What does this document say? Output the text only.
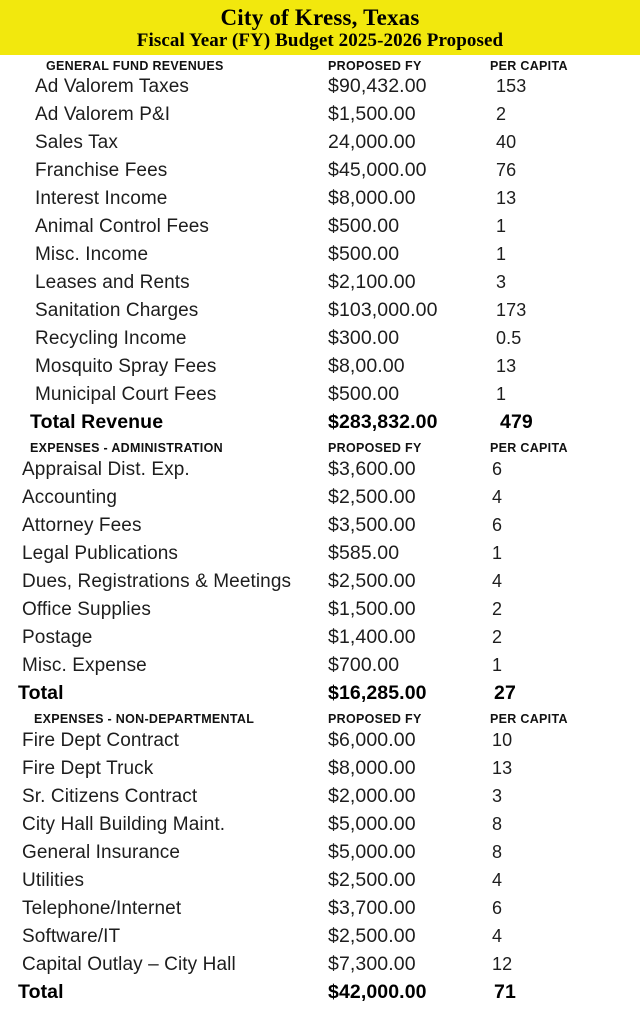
City of Kress, Texas
Fiscal Year (FY) Budget 2025-2026 Proposed
GENERAL FUND REVENUES	PROPOSED FY	PER CAPITA
Ad Valorem Taxes	$90,432.00	153
Ad Valorem P&I	$1,500.00	2
Sales Tax	24,000.00	40
Franchise Fees	$45,000.00	76
Interest Income	$8,000.00	13
Animal Control Fees	$500.00	1
Misc. Income	$500.00	1
Leases and Rents	$2,100.00	3
Sanitation Charges	$103,000.00	173
Recycling Income	$300.00	0.5
Mosquito Spray Fees	$8,00.00	13
Municipal Court Fees	$500.00	1
Total Revenue	$283,832.00	479
EXPENSES - ADMINISTRATION	PROPOSED FY	PER CAPITA
Appraisal Dist. Exp.	$3,600.00	6
Accounting	$2,500.00	4
Attorney Fees	$3,500.00	6
Legal Publications	$585.00	1
Dues, Registrations & Meetings	$2,500.00	4
Office Supplies	$1,500.00	2
Postage	$1,400.00	2
Misc. Expense	$700.00	1
Total	$16,285.00	27
EXPENSES - NON-DEPARTMENTAL	PROPOSED FY	PER CAPITA
Fire Dept Contract	$6,000.00	10
Fire Dept Truck	$8,000.00	13
Sr. Citizens Contract	$2,000.00	3
City Hall Building Maint.	$5,000.00	8
General Insurance	$5,000.00	8
Utilities	$2,500.00	4
Telephone/Internet	$3,700.00	6
Software/IT	$2,500.00	4
Capital Outlay – City Hall	$7,300.00	12
Total	$42,000.00	71
